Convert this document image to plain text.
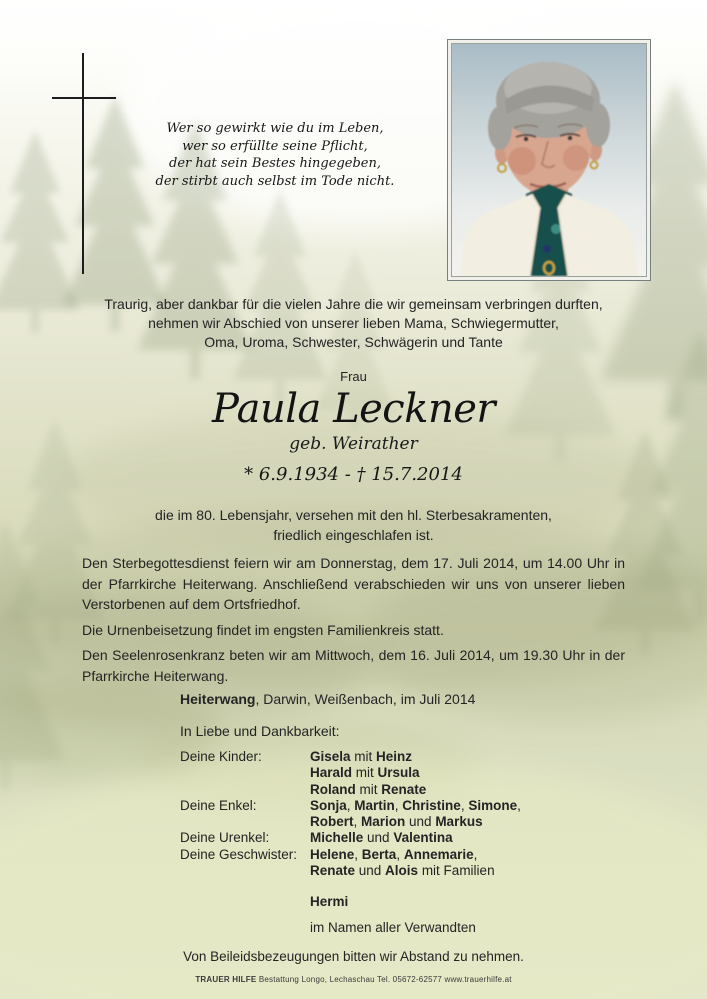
Wer so gewirkt wie du im Leben,
wer so erfüllte seine Pflicht,
der hat sein Bestes hingegeben,
der stirbt auch selbst im Tode nicht.
Traurig, aber dankbar für die vielen Jahre die wir gemeinsam verbringen durften,
nehmen wir Abschied von unserer lieben Mama, Schwiegermutter,
Oma, Uroma, Schwester, Schwägerin und Tante
Frau
Paula Leckner
geb. Weirather
* 6.9.1934 - † 15.7.2014
die im 80. Lebensjahr, versehen mit den hl. Sterbesakramenten,
friedlich eingeschlafen ist.

Den Sterbegottesdienst feiern wir am Donnerstag, dem 17. Juli 2014, um 14.00 Uhr in der Pfarrkirche Heiterwang. Anschließend verabschieden wir uns von unserer lieben Verstorbenen auf dem Ortsfriedhof.

Die Urnenbeisetzung findet im engsten Familienkreis statt.

Den Seelenrosenkranz beten wir am Mittwoch, dem 16. Juli 2014, um 19.30 Uhr in der Pfarrkirche Heiterwang.

Heiterwang, Darwin, Weißenbach, im Juli 2014
In Liebe und Dankbarkeit:
Deine Kinder:	Gisela mit Heinz
Harald mit Ursula
Roland mit Renate
Deine Enkel:	Sonja, Martin, Christine, Simone,
Robert, Marion und Markus
Deine Urenkel:	Michelle und Valentina
Deine Geschwister: Helene, Berta, Annemarie,
Renate und Alois mit Familien
Hermi
im Namen aller Verwandten
Von Beileidsbezeugungen bitten wir Abstand zu nehmen.
TRAUER HILFE Bestattung Longo, Lechaschau Tel. 05672-62577 www.trauerhilfe.at
